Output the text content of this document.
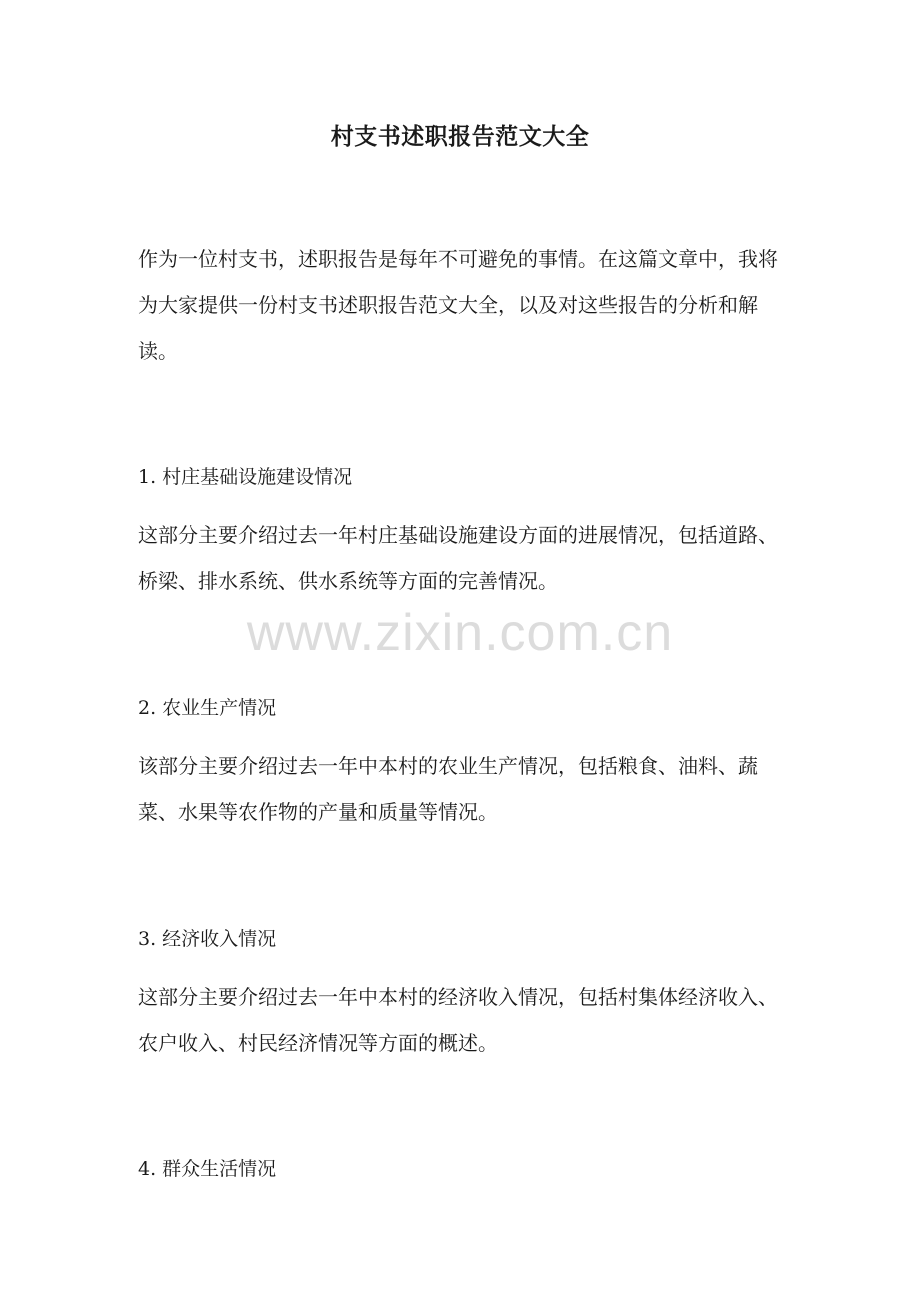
村支书述职报告范文大全

作为一位村支书，述职报告是每年不可避免的事情。在这篇文章中，我将为大家提供一份村支书述职报告范文大全，以及对这些报告的分析和解读。

1. 村庄基础设施建设情况

这部分主要介绍过去一年村庄基础设施建设方面的进展情况，包括道路、桥梁、排水系统、供水系统等方面的完善情况。

www.zixin.com.cn

2. 农业生产情况

该部分主要介绍过去一年中本村的农业生产情况，包括粮食、油料、蔬菜、水果等农作物的产量和质量等情况。

3. 经济收入情况

这部分主要介绍过去一年中本村的经济收入情况，包括村集体经济收入、农户收入、村民经济情况等方面的概述。

4. 群众生活情况
